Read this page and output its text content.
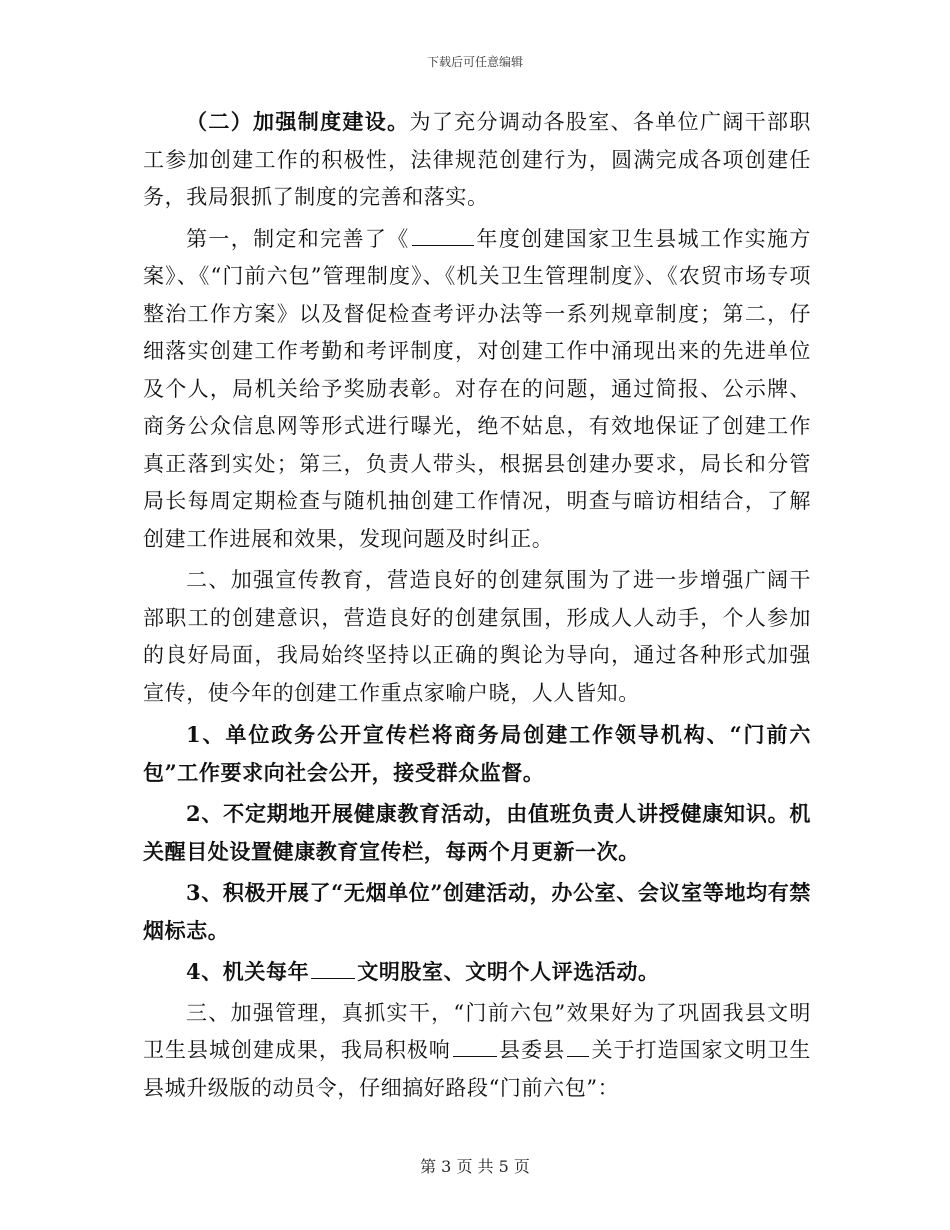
下载后可任意编辑

（二）加强制度建设。为了充分调动各股室、各单位广阔干部职工参加创建工作的积极性，法律规范创建行为，圆满完成各项创建任务，我局狠抓了制度的完善和落实。

第一，制定和完善了《	年度创建国家卫生县城工作实施方案》、《“门前六包”管理制度》、《机关卫生管理制度》、《农贸市场专项整治工作方案》以及督促检查考评办法等一系列规章制度；第二，仔细落实创建工作考勤和考评制度，对创建工作中涌现出来的先进单位及个人，局机关给予奖励表彰。对存在的问题，通过简报、公示牌、商务公众信息网等形式进行曝光，绝不姑息，有效地保证了创建工作真正落到实处；第三，负责人带头，根据县创建办要求，局长和分管局长每周定期检查与随机抽创建工作情况，明查与暗访相结合，了解创建工作进展和效果，发现问题及时纠正。

二、加强宣传教育，营造良好的创建氛围为了进一步增强广阔干部职工的创建意识，营造良好的创建氛围，形成人人动手，个人参加的良好局面，我局始终坚持以正确的舆论为导向，通过各种形式加强宣传，使今年的创建工作重点家喻户晓，人人皆知。

1、单位政务公开宣传栏将商务局创建工作领导机构、“门前六包”工作要求向社会公开，接受群众监督。

2、不定期地开展健康教育活动，由值班负责人讲授健康知识。机关醒目处设置健康教育宣传栏，每两个月更新一次。

3、积极开展了“无烟单位”创建活动，办公室、会议室等地均有禁烟标志。

4、机关每年 文明股室、文明个人评选活动。

三、加强管理，真抓实干，“门前六包”效果好为了巩固我县文明卫生县城创建成果，我局积极响 县委县 关于打造国家文明卫生县城升级版的动员令，仔细搞好路段“门前六包”：

第 3 页 共 5 页
